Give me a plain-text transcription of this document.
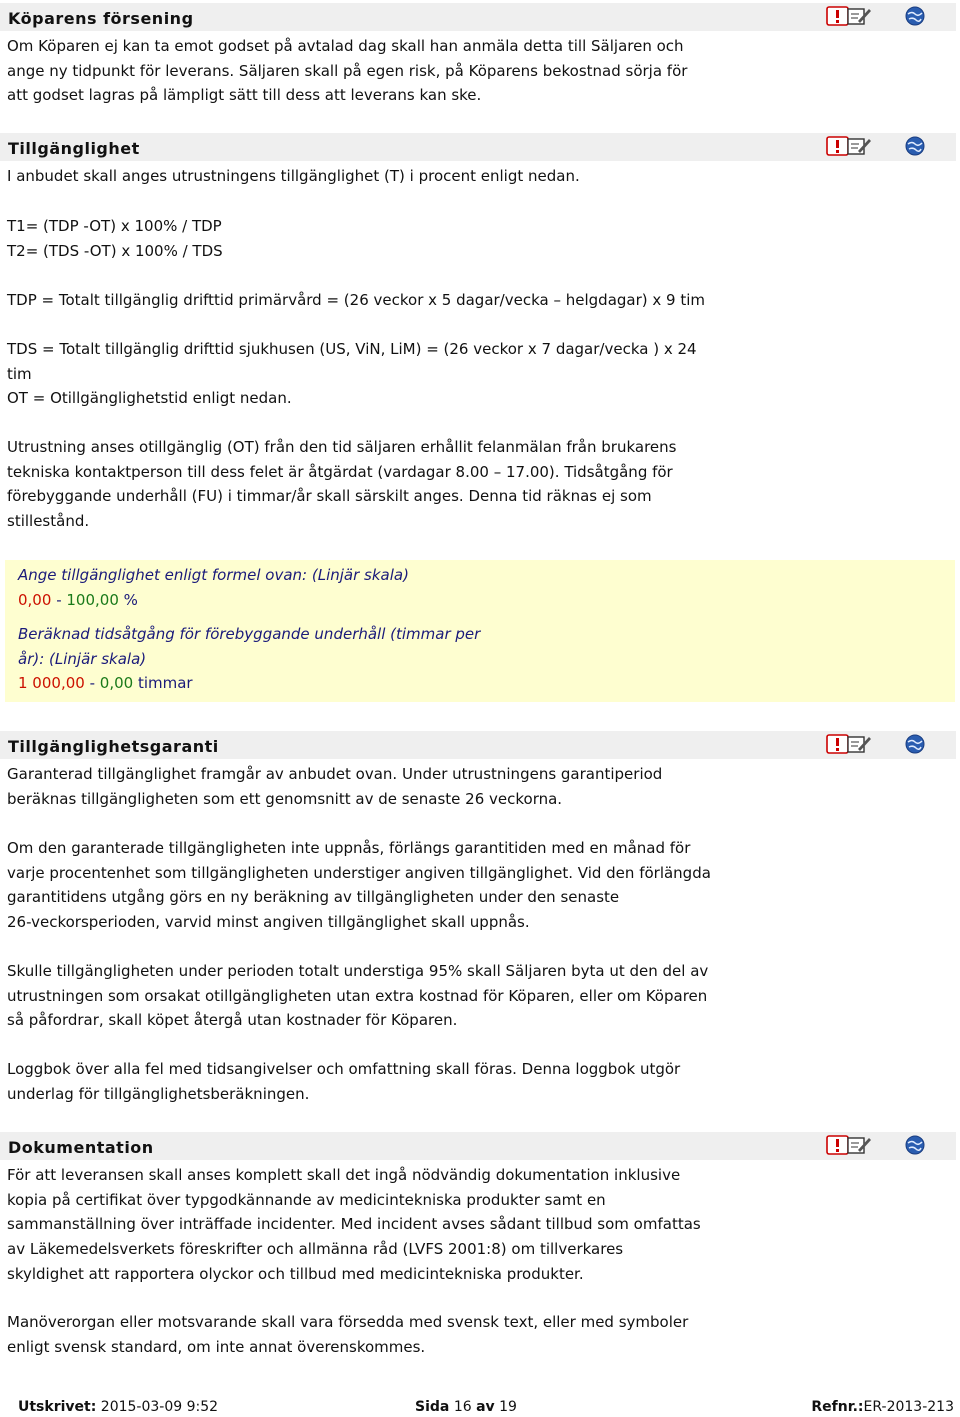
Köparens försening
Om Köparen ej kan ta emot godset på avtalad dag skall han anmäla detta till Säljaren och
ange ny tidpunkt för leverans. Säljaren skall på egen risk, på Köparens bekostnad sörja för
att godset lagras på lämpligt sätt till dess att leverans kan ske.
Tillgänglighet
I anbudet skall anges utrustningens tillgänglighet (T) i procent enligt nedan.
T1= (TDP -OT) x 100% / TDP
T2= (TDS -OT) x 100% / TDS
TDP = Totalt tillgänglig drifttid primärvård = (26 veckor x 5 dagar/vecka – helgdagar) x 9 tim
TDS = Totalt tillgänglig drifttid sjukhusen (US, ViN, LiM) = (26 veckor x 7 dagar/vecka ) x 24
tim
OT = Otillgänglighetstid enligt nedan.
Utrustning anses otillgänglig (OT) från den tid säljaren erhållit felanmälan från brukarens
tekniska kontaktperson till dess felet är åtgärdat (vardagar 8.00 – 17.00). Tidsåtgång för
förebyggande underhåll (FU) i timmar/år skall särskilt anges. Denna tid räknas ej som
stillestånd.
Ange tillgänglighet enligt formel ovan: (Linjär skala)
0,00 - 100,00 %
Beräknad tidsåtgång för förebyggande underhåll (timmar per
år): (Linjär skala)
1 000,00 - 0,00 timmar
Tillgänglighetsgaranti
Garanterad tillgänglighet framgår av anbudet ovan. Under utrustningens garantiperiod
beräknas tillgängligheten som ett genomsnitt av de senaste 26 veckorna.
Om den garanterade tillgängligheten inte uppnås, förlängs garantitiden med en månad för
varje procentenhet som tillgängligheten understiger angiven tillgänglighet. Vid den förlängda
garantitidens utgång görs en ny beräkning av tillgängligheten under den senaste
26-veckorsperioden, varvid minst angiven tillgänglighet skall uppnås.
Skulle tillgängligheten under perioden totalt understiga 95% skall Säljaren byta ut den del av
utrustningen som orsakat otillgängligheten utan extra kostnad för Köparen, eller om Köparen
så påfordrar, skall köpet återgå utan kostnader för Köparen.
Loggbok över alla fel med tidsangivelser och omfattning skall föras. Denna loggbok utgör
underlag för tillgänglighetsberäkningen.
Dokumentation
För att leveransen skall anses komplett skall det ingå nödvändig dokumentation inklusive
kopia på certifikat över typgodkännande av medicintekniska produkter samt en
sammanställning över inträffade incidenter. Med incident avses sådant tillbud som omfattas
av Läkemedelsverkets föreskrifter och allmänna råd (LVFS 2001:8) om tillverkares
skyldighet att rapportera olyckor och tillbud med medicintekniska produkter.
Manöverorgan eller motsvarande skall vara försedda med svensk text, eller med symboler
enligt svensk standard, om inte annat överenskommes.
Utskrivet: 2015-03-09 9:52	Sida 16 av 19	Refnr.:ER-2013-213
